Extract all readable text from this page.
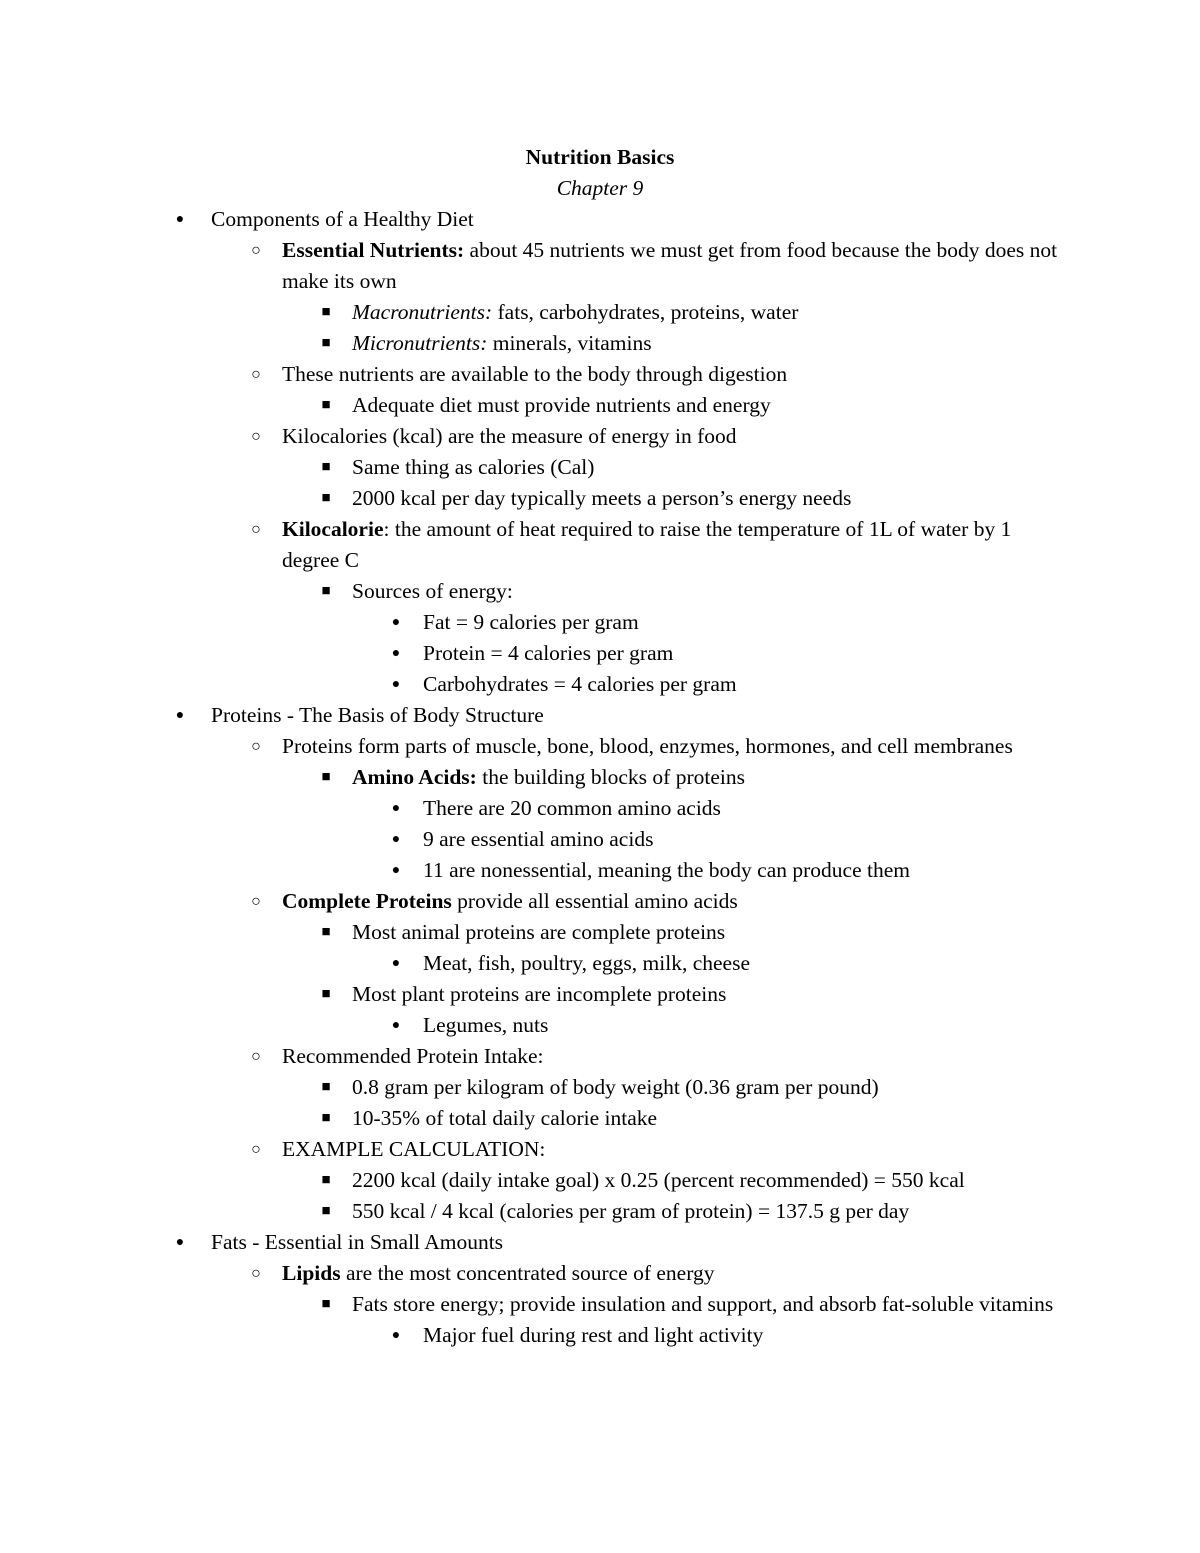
Nutrition Basics
Chapter 9
● Components of a Healthy Diet
○ Essential Nutrients: about 45 nutrients we must get from food because the body does not make its own
■ Macronutrients: fats, carbohydrates, proteins, water
■ Micronutrients: minerals, vitamins
○ These nutrients are available to the body through digestion
■ Adequate diet must provide nutrients and energy
○ Kilocalories (kcal) are the measure of energy in food
■ Same thing as calories (Cal)
■ 2000 kcal per day typically meets a person’s energy needs
○ Kilocalorie: the amount of heat required to raise the temperature of 1L of water by 1 degree C
■ Sources of energy:
● Fat = 9 calories per gram
● Protein = 4 calories per gram
● Carbohydrates = 4 calories per gram
● Proteins - The Basis of Body Structure
○ Proteins form parts of muscle, bone, blood, enzymes, hormones, and cell membranes
■ Amino Acids: the building blocks of proteins
● There are 20 common amino acids
● 9 are essential amino acids
● 11 are nonessential, meaning the body can produce them
○ Complete Proteins provide all essential amino acids
■ Most animal proteins are complete proteins
● Meat, fish, poultry, eggs, milk, cheese
■ Most plant proteins are incomplete proteins
● Legumes, nuts
○ Recommended Protein Intake:
■ 0.8 gram per kilogram of body weight (0.36 gram per pound)
■ 10-35% of total daily calorie intake
○ EXAMPLE CALCULATION:
■ 2200 kcal (daily intake goal) x 0.25 (percent recommended) = 550 kcal
■ 550 kcal / 4 kcal (calories per gram of protein) = 137.5 g per day
● Fats - Essential in Small Amounts
○ Lipids are the most concentrated source of energy
■ Fats store energy; provide insulation and support, and absorb fat-soluble vitamins
● Major fuel during rest and light activity
